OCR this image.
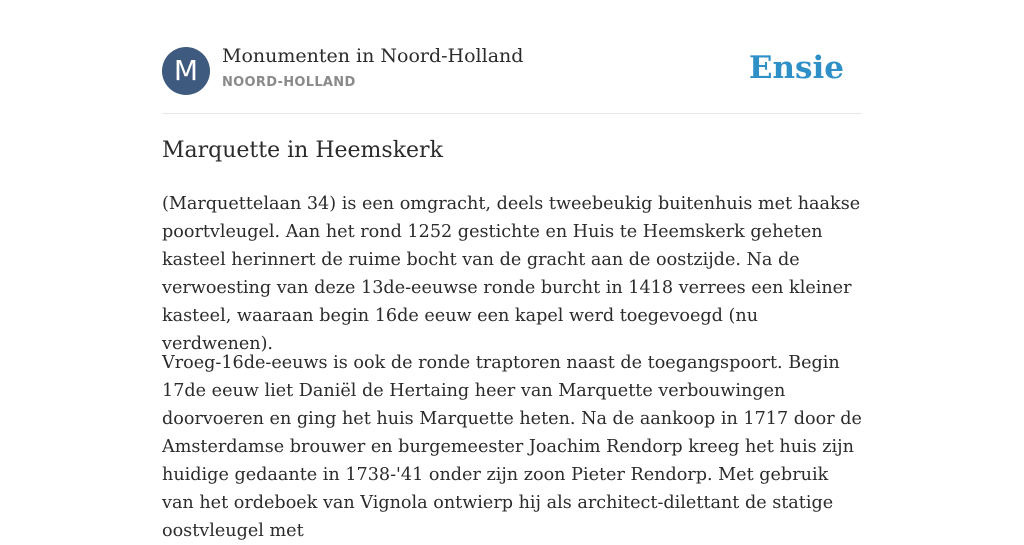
M	Monumenten in Noord-Holland
NOORD-HOLLAND	Ensie
Marquette in Heemskerk

(Marquettelaan 34) is een omgracht, deels tweebeukig buitenhuis met haakse poortvleugel. Aan het rond 1252 gestichte en Huis te Heemskerk geheten kasteel herinnert de ruime bocht van de gracht aan de oostzijde. Na de verwoesting van deze 13de-eeuwse ronde burcht in 1418 verrees een kleiner kasteel, waaraan begin 16de eeuw een kapel werd toegevoegd (nu verdwenen).

Vroeg-16de-eeuws is ook de ronde traptoren naast de toegangspoort. Begin 17de eeuw liet Daniël de Hertaing heer van Marquette verbouwingen doorvoeren en ging het huis Marquette heten. Na de aankoop in 1717 door de Amsterdamse brouwer en burgemeester Joachim Rendorp kreeg het huis zijn huidige gedaante in 1738-'41 onder zijn zoon Pieter Rendorp. Met gebruik van het ordeboek van Vignola ontwierp hij als architect-dilettant de statige oostvleugel met
